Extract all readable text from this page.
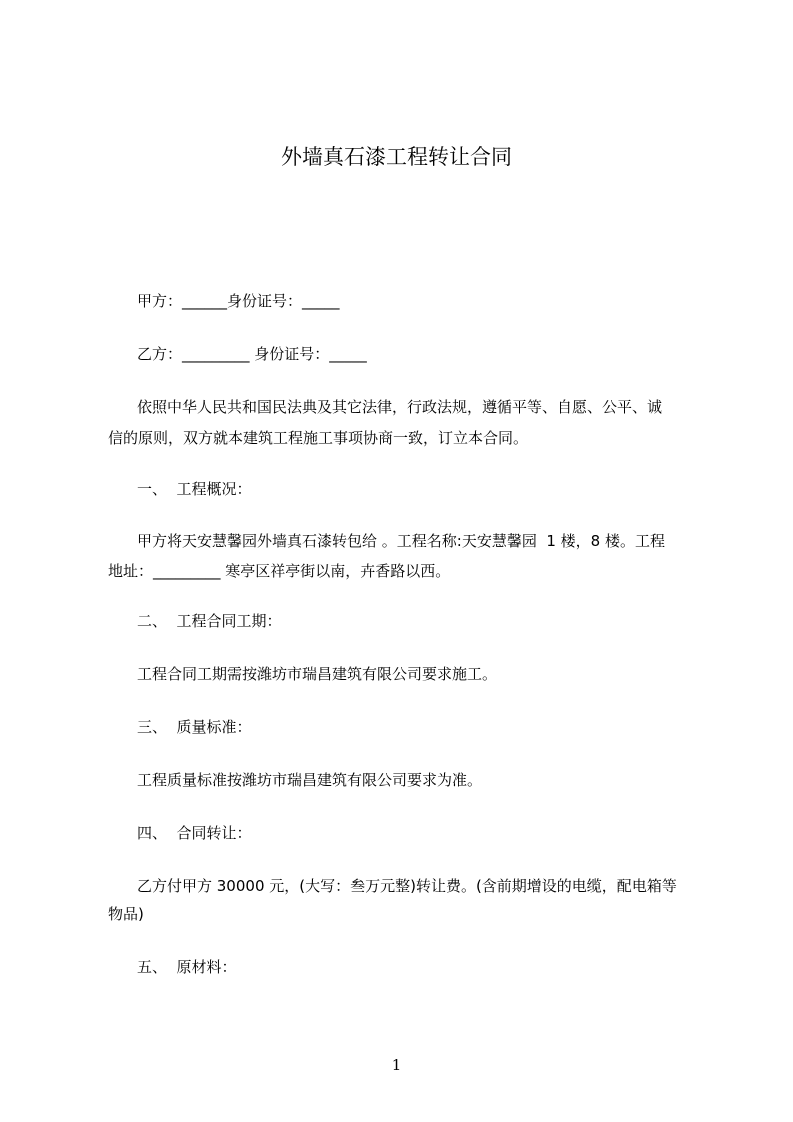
外墙真石漆工程转让合同
甲方：______身份证号：_____
乙方：_________ 身份证号：_____
依照中华人民共和国民法典及其它法律，行政法规，遵循平等、自愿、公平、诚
信的原则，双方就本建筑工程施工事项协商一致，订立本合同。
一、  工程概况：
甲方将天安慧馨园外墙真石漆转包给 。工程名称:天安慧馨园  1 楼，8 楼。工程
地址：_________ 寒亭区祥亭街以南，卉香路以西。
二、  工程合同工期：
工程合同工期需按潍坊市瑞昌建筑有限公司要求施工。
三、  质量标准：
工程质量标准按潍坊市瑞昌建筑有限公司要求为准。
四、  合同转让：
乙方付甲方 30000 元，(大写：叁万元整)转让费。(含前期增设的电缆，配电箱等
物品)
五、  原材料：
1
